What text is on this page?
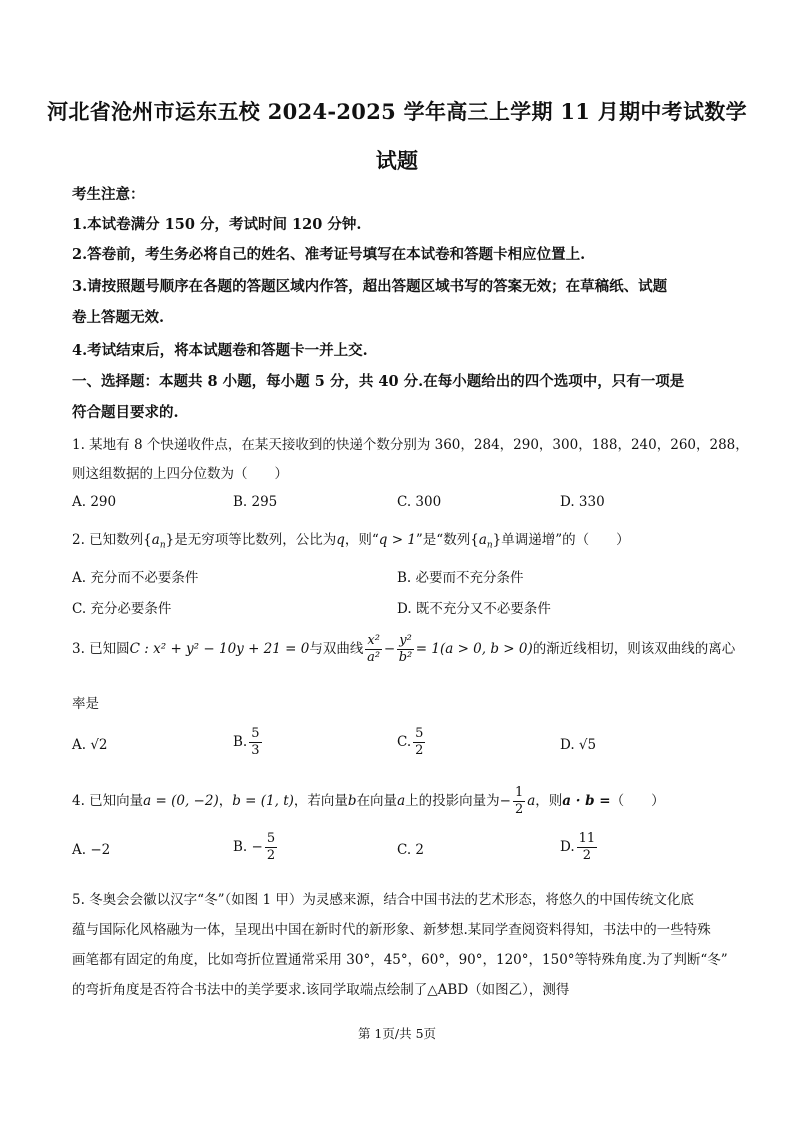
河北省沧州市运东五校 2024-2025 学年高三上学期 11 月期中考试数学
试题
考生注意：
1.本试卷满分 150 分，考试时间 120 分钟.
2.答卷前，考生务必将自己的姓名、准考证号填写在本试卷和答题卡相应位置上.
3.请按照题号顺序在各题的答题区域内作答，超出答题区域书写的答案无效；在草稿纸、试题
卷上答题无效.
4.考试结束后，将本试题卷和答题卡一并上交.
一、选择题：本题共 8 小题，每小题 5 分，共 40 分.在每小题给出的四个选项中，只有一项是
符合题目要求的.
1. 某地有 8 个快递收件点，在某天接收到的快递个数分别为 360，284，290，300，188，240，260，288，
则这组数据的上四分位数为（　　）
A. 290	B. 295	C. 300	D. 330
2. 已知数列$\{a_n\}$是无穷项等比数列，公比为q，则“q > 1”是“数列$\{a_n\}$单调递增”的（　　）
A. 充分而不必要条件	B. 必要而不充分条件
C. 充分必要条件	D. 既不充分又不必要条件
3. 已知圆C : x² + y² − 10y + 21 = 0与双曲线 $\frac{\text{x²}}{\text{a²}} - \frac{\text{y²}}{\text{b²}} = 1(a > 0$, b > 0)的渐近线相切，则该双曲线的离心
率是
A. √2	B. $\frac{5}{3}$	C. $\frac{5}{2}$	D. √5
4. 已知向量a = (0, −2)，b = (1, t)，若向量b在向量a上的投影向量为− $\frac{1}{2}$ a，则a · b =（　　）
A. −2	B. − $\frac{5}{2}$	C. 2	D. $\frac{11}{2}$
5. 冬奥会会徽以汉字“冬”（如图 1 甲）为灵感来源，结合中国书法的艺术形态，将悠久的中国传统文化底
蕴与国际化风格融为一体，呈现出中国在新时代的新形象、新梦想.某同学查阅资料得知，书法中的一些特殊
画笔都有固定的角度，比如弯折位置通常采用 30°，45°，60°，90°，120°，150°等特殊角度.为了判断“冬”
的弯折角度是否符合书法中的美学要求.该同学取端点绘制了△ABD（如图乙），测得
第 1页/共 5页
